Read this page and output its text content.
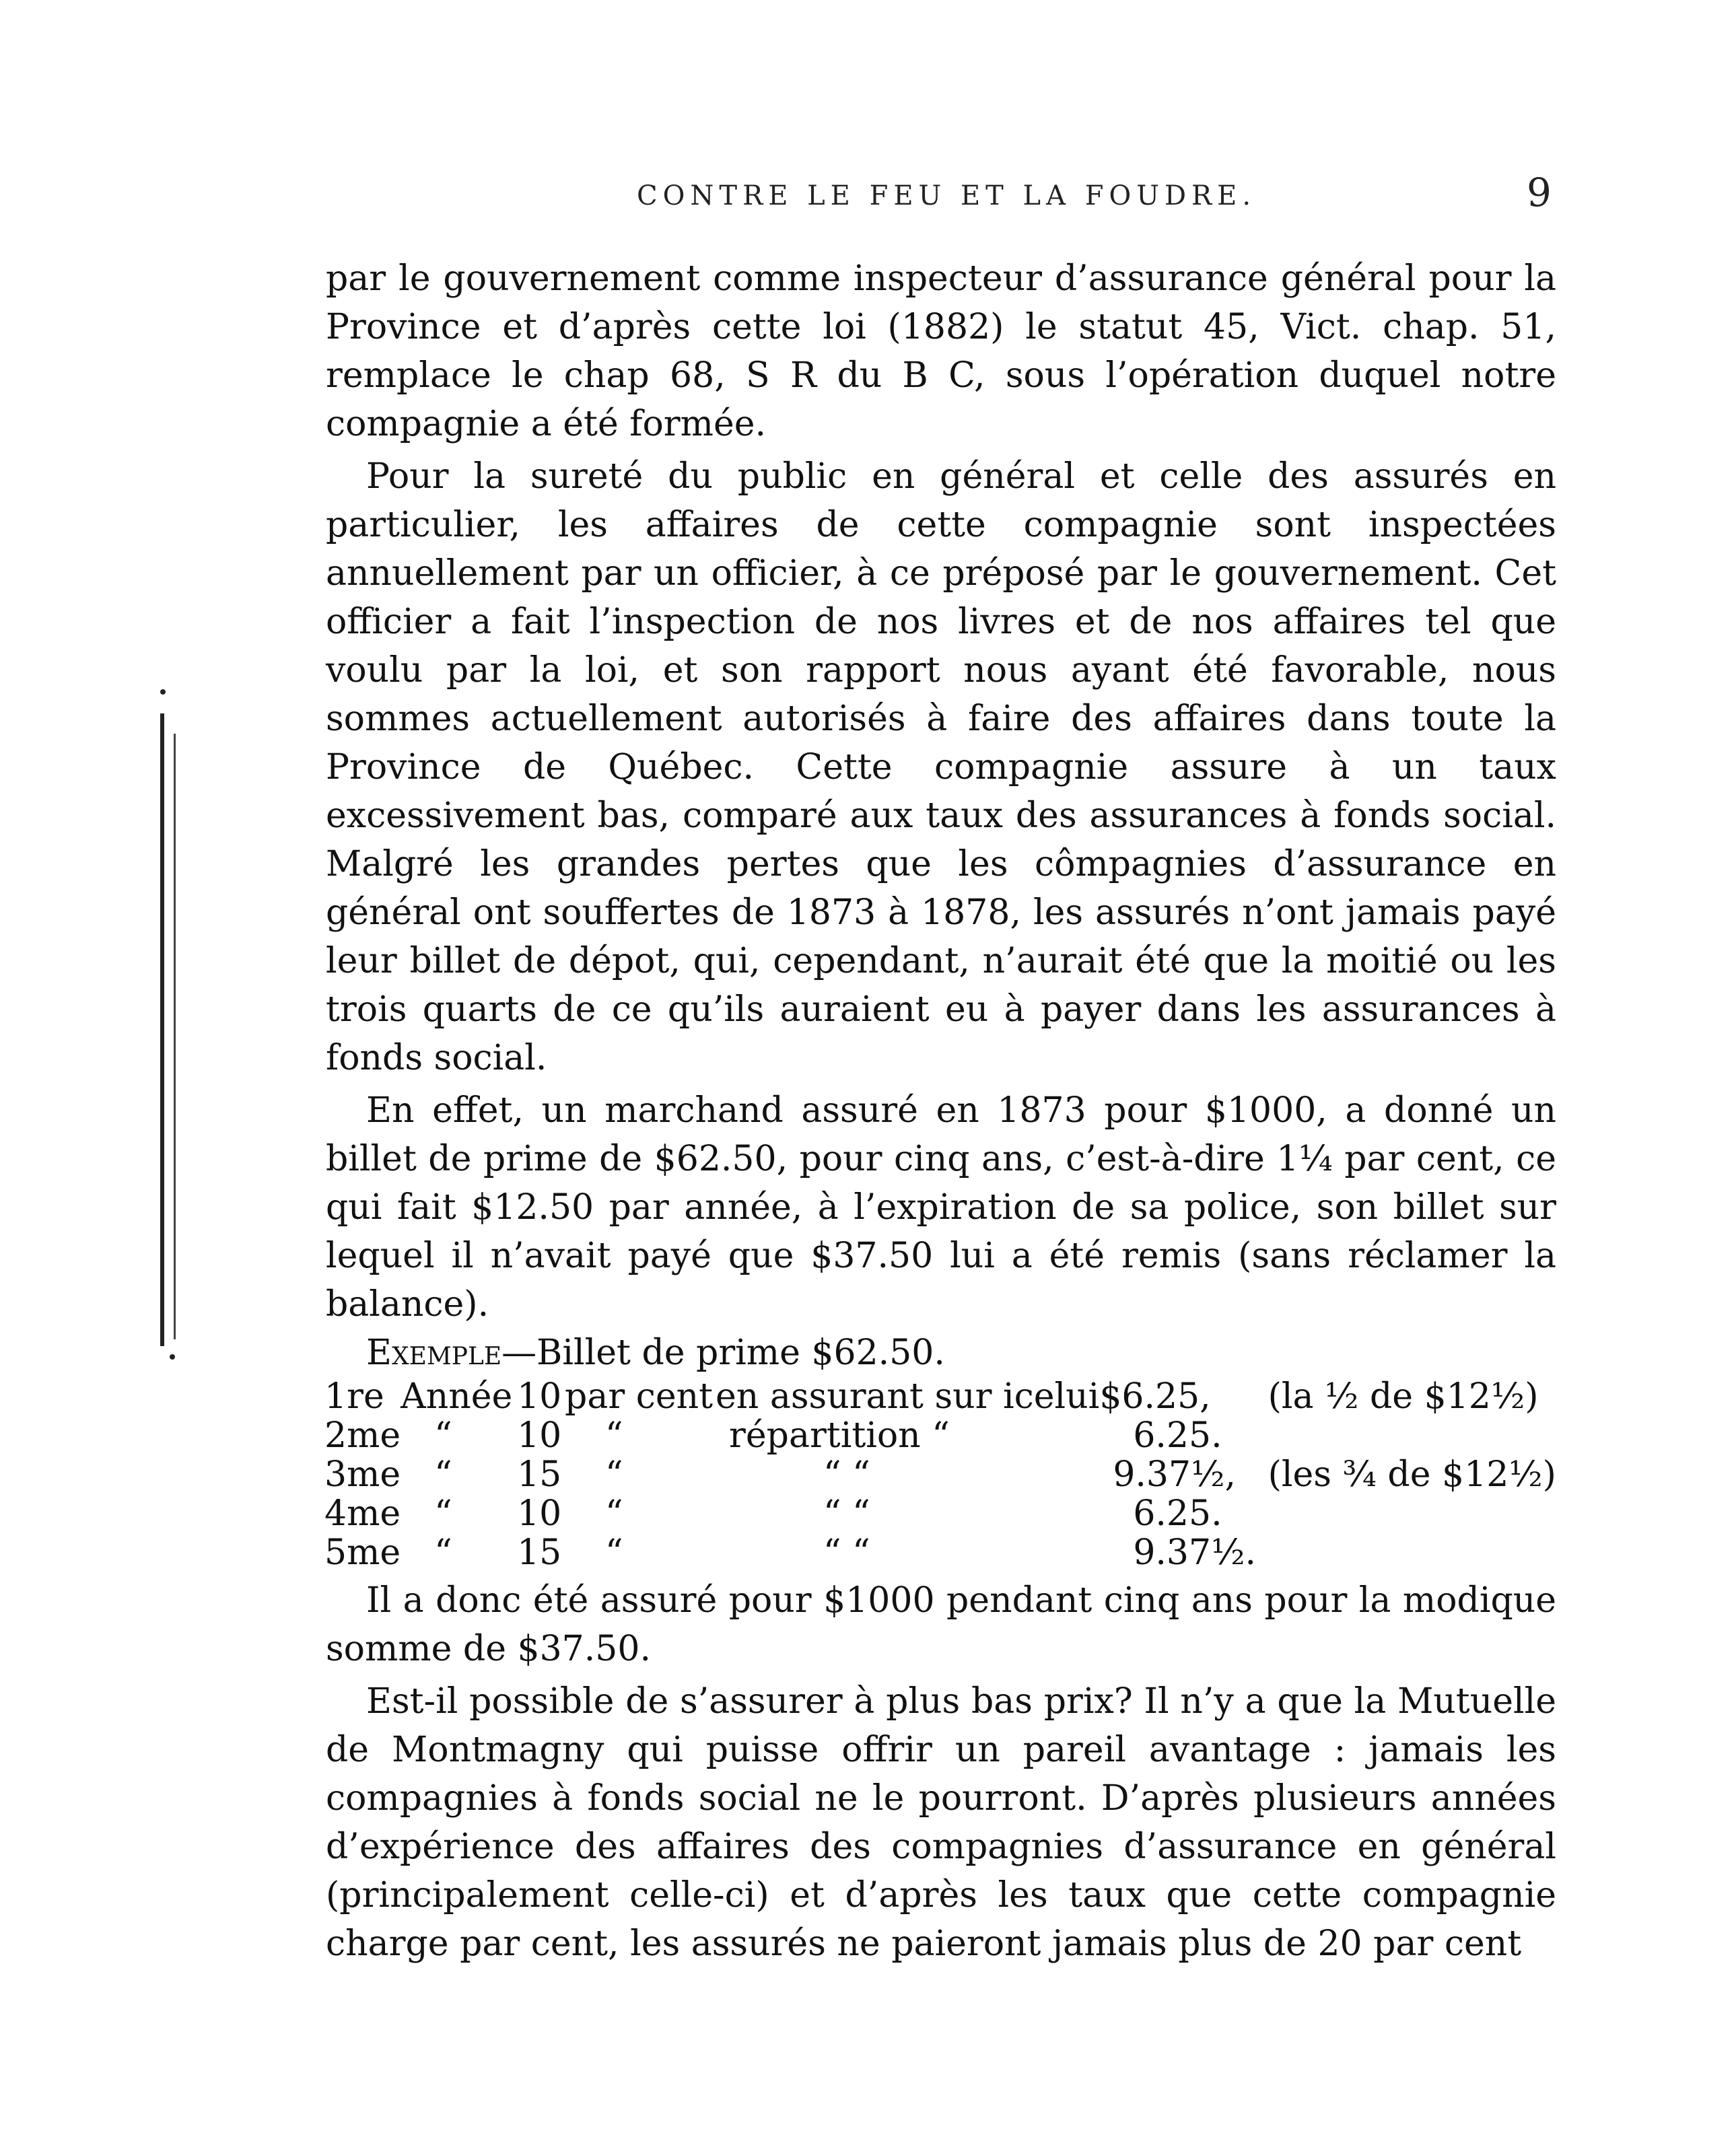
CONTRE LE FEU ET LA FOUDRE.	9

par le gouvernement comme inspecteur d’assurance général pour la Province et d’après cette loi (1882) le statut 45, Vict. chap. 51, remplace le chap 68, S R du B C, sous l’opération duquel notre compagnie a été formée.

Pour la sureté du public en général et celle des assurés en particulier, les affaires de cette compagnie sont inspectées annuellement par un officier, à ce préposé par le gouvernement. Cet officier a fait l’inspection de nos livres et de nos affaires tel que voulu par la loi, et son rapport nous ayant été favorable, nous sommes actuellement autorisés à faire des affaires dans toute la Province de Québec. Cette compagnie assure à un taux excessivement bas, comparé aux taux des assurances à fonds social. Malgré les grandes pertes que les cômpagnies d’assurance en général ont souffertes de 1873 à 1878, les assurés n’ont jamais payé leur billet de dépot, qui, cependant, n’aurait été que la moitié ou les trois quarts de ce qu’ils auraient eu à payer dans les assurances à fonds social.

En effet, un marchand assuré en 1873 pour $1000, a donné un billet de prime de $62.50, pour cinq ans, c’est-à-dire 1¼ par cent, ce qui fait $12.50 par année, à l’expiration de sa police, son billet sur lequel il n’avait payé que $37.50 lui a été remis (sans réclamer la balance).

Exemple—Billet de prime $62.50.

1re	Année	10	par cent	en assurant sur icelui	$6.25,	(la ½ de $12½)
2me	“	10	“	répartition “	6.25.	
3me	“	15	“	“ “	9.37½,	(les ¾ de $12½)
4me	“	10	“	“ “	6.25.	
5me	“	15	“	“ “	9.37½.	

Il a donc été assuré pour $1000 pendant cinq ans pour la modique somme de $37.50.

Est-il possible de s’assurer à plus bas prix? Il n’y a que la Mutuelle de Montmagny qui puisse offrir un pareil avantage : jamais les compagnies à fonds social ne le pourront. D’après plusieurs années d’expérience des affaires des compagnies d’assurance en général (principalement celle-ci) et d’après les taux que cette compagnie charge par cent, les assurés ne paieront jamais plus de 20 par cent
